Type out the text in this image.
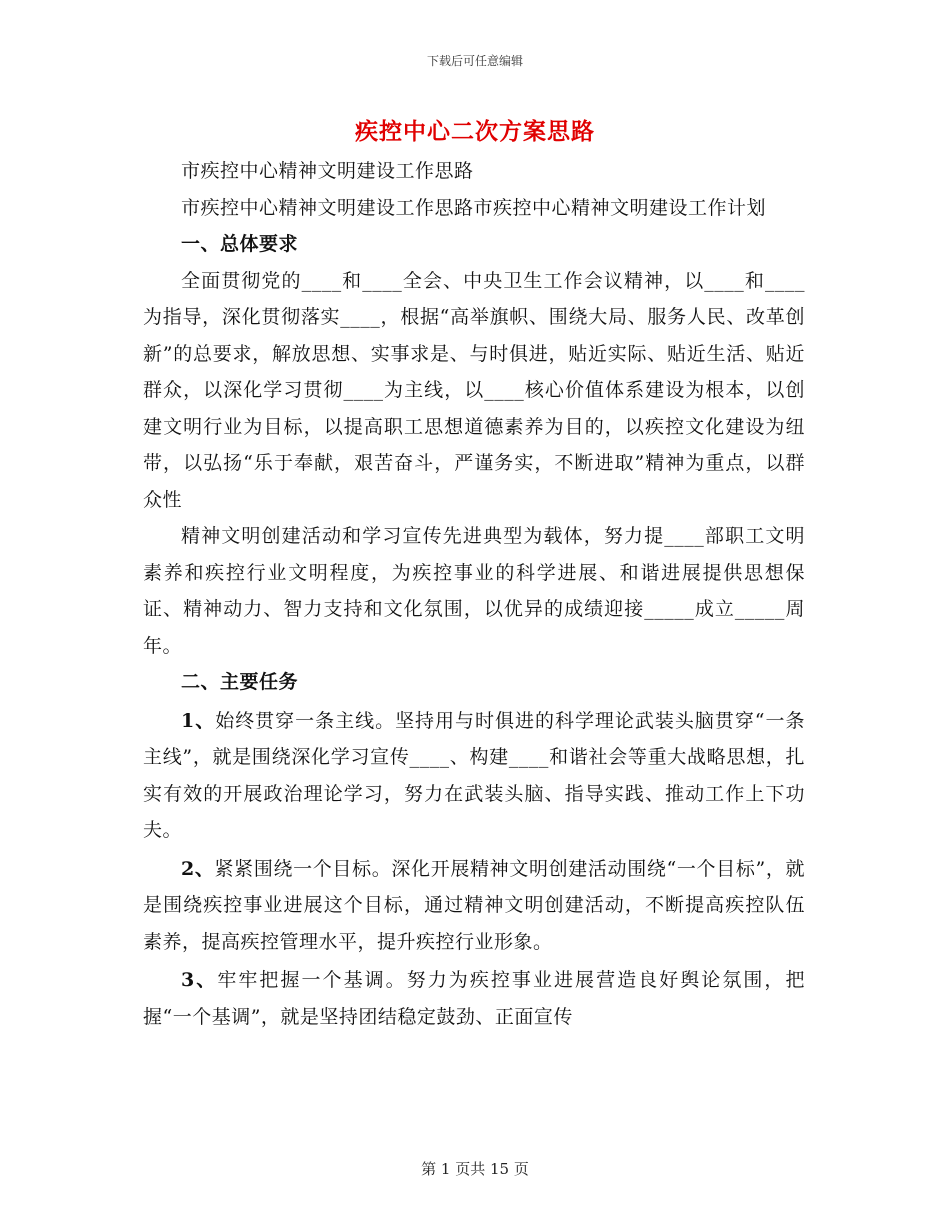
下载后可任意编辑
疾控中心二次方案思路

市疾控中心精神文明建设工作思路

市疾控中心精神文明建设工作思路市疾控中心精神文明建设工作计划

一、总体要求

全面贯彻党的____和____全会、中央卫生工作会议精神，以____和____为指导，深化贯彻落实____，根据“高举旗帜、围绕大局、服务人民、改革创新”的总要求，解放思想、实事求是、与时俱进，贴近实际、贴近生活、贴近群众，以深化学习贯彻____为主线，以____核心价值体系建设为根本，以创建文明行业为目标，以提高职工思想道德素养为目的，以疾控文化建设为纽带，以弘扬“乐于奉献，艰苦奋斗，严谨务实，不断进取”精神为重点，以群众性

精神文明创建活动和学习宣传先进典型为载体，努力提____部职工文明素养和疾控行业文明程度，为疾控事业的科学进展、和谐进展提供思想保证、精神动力、智力支持和文化氛围，以优异的成绩迎接_____成立_____周年。

二、主要任务

1、始终贯穿一条主线。坚持用与时俱进的科学理论武装头脑贯穿“一条主线”，就是围绕深化学习宣传____、构建____和谐社会等重大战略思想，扎实有效的开展政治理论学习，努力在武装头脑、指导实践、推动工作上下功夫。

2、紧紧围绕一个目标。深化开展精神文明创建活动围绕“一个目标”，就是围绕疾控事业进展这个目标，通过精神文明创建活动，不断提高疾控队伍素养，提高疾控管理水平，提升疾控行业形象。

3、牢牢把握一个基调。努力为疾控事业进展营造良好舆论氛围，把握“一个基调”，就是坚持团结稳定鼓劲、正面宣传

第 1 页共 15 页
